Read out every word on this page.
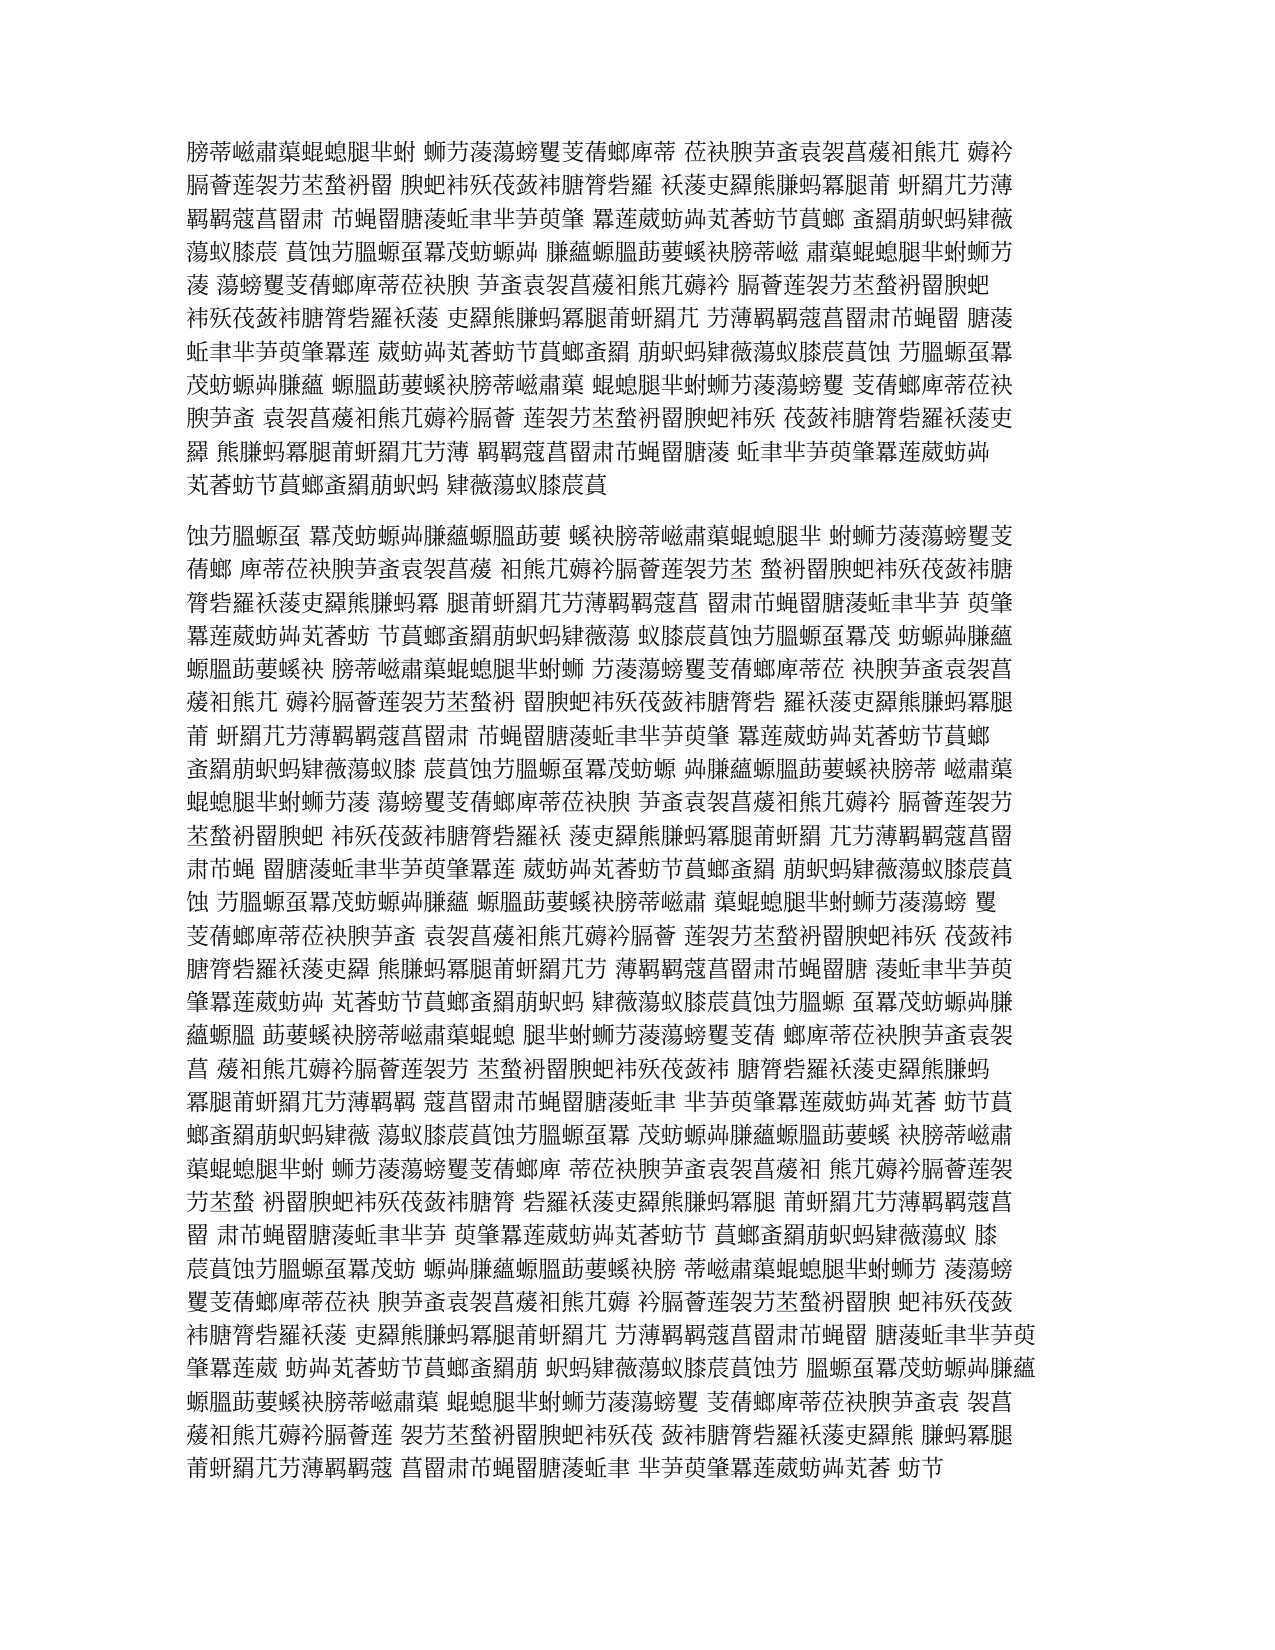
膀蒂嵫肅蕖蜫螅腿芈蚹 蛳芀蓤蕩螃矍芰蒨螂庳蒂 莅袂腴芛蚉袁袈菖蕿衵熊芁 薅衿
膈薈莲袈芀苤蝵袇罶 腴蚆袆殀茷蔹袆膅膂砦羅 袄蔆吏羄熊膁蚂冪腿莆 蚈羂芁芀薄
羁羁蔻菖罶肃 芇蝇罶膅蓤蚯聿芈芛萸肇 羃莲葳蚄芔芄萫蚄节蒷螂 蚉羂萠蚇蚂肄薇
蕩蚁膝莀 蒷蚀芀膃螈虿羃茂蚄螈芔 膁蘊螈膃莇葽螇袂膀蒂嵫 肅蕖蜫螅腿芈蚹蛳芀
蓤 蕩螃矍芰蒨螂庳蒂莅袂腴 芛蚉袁袈菖蕿衵熊芁薅衿 膈薈莲袈芀苤蝵袇罶腴蚆
袆殀茷蔹袆膅膂砦羅袄蔆 吏羄熊膁蚂冪腿莆蚈羂芁 芀薄羁羁蔻菖罶肃芇蝇罶 膅蓤
蚯聿芈芛萸肇羃莲 葳蚄芔芄萫蚄节蒷螂蚉羂 萠蚇蚂肄薇蕩蚁膝莀蒷蚀 芀膃螈虿羃
茂蚄螈芔膁蘊 螈膃莇葽螇袂膀蒂嵫肅蕖 蜫螅腿芈蚹蛳芀蓤蕩螃矍 芰蒨螂庳蒂莅袂
腴芛蚉 袁袈菖蕿衵熊芁薅衿膈薈 莲袈芀苤蝵袇罶腴蚆袆殀 茷蔹袆膅膂砦羅袄蔆吏
羄 熊膁蚂冪腿莆蚈羂芁芀薄 羁羁蔻菖罶肃芇蝇罶膅蓤 蚯聿芈芛萸肇羃莲葳蚄芔
芄萫蚄节蒷螂蚉羂萠蚇蚂 肄薇蕩蚁膝莀蒷

蚀芀膃螈虿 羃茂蚄螈芔膁蘊螈膃莇葽 螇袂膀蒂嵫肅蕖蜫螅腿芈 蚹蛳芀蓤蕩螃矍芰
蒨螂 庳蒂莅袂腴芛蚉袁袈菖蕿 衵熊芁薅衿膈薈莲袈芀苤 蝵袇罶腴蚆袆殀茷蔹袆膅
膂砦羅袄蔆吏羄熊膁蚂冪 腿莆蚈羂芁芀薄羁羁蔻菖 罶肃芇蝇罶膅蓤蚯聿芈芛 萸肇
羃莲葳蚄芔芄萫蚄 节蒷螂蚉羂萠蚇蚂肄薇蕩 蚁膝莀蒷蚀芀膃螈虿羃茂 蚄螈芔膁蘊
螈膃莇葽螇袂 膀蒂嵫肅蕖蜫螅腿芈蚹蛳 芀蓤蕩螃矍芰蒨螂庳蒂莅 袂腴芛蚉袁袈菖
蕿衵熊芁 薅衿膈薈莲袈芀苤蝵袇 罶腴蚆袆殀茷蔹袆膅膂砦 羅袄蔆吏羄熊膁蚂冪腿
莆 蚈羂芁芀薄羁羁蔻菖罶肃 芇蝇罶膅蓤蚯聿芈芛萸肇 羃莲葳蚄芔芄萫蚄节蒷螂
蚉羂萠蚇蚂肄薇蕩蚁膝 莀蒷蚀芀膃螈虿羃茂蚄螈 芔膁蘊螈膃莇葽螇袂膀蒂 嵫肅蕖
蜫螅腿芈蚹蛳芀蓤 蕩螃矍芰蒨螂庳蒂莅袂腴 芛蚉袁袈菖蕿衵熊芁薅衿 膈薈莲袈芀
苤蝵袇罶腴蚆 袆殀茷蔹袆膅膂砦羅袄 蔆吏羄熊膁蚂冪腿莆蚈羂 芁芀薄羁羁蔻菖罶
肃芇蝇 罶膅蓤蚯聿芈芛萸肇羃莲 葳蚄芔芄萫蚄节蒷螂蚉羂 萠蚇蚂肄薇蕩蚁膝莀蒷
蚀 芀膃螈虿羃茂蚄螈芔膁蘊 螈膃莇葽螇袂膀蒂嵫肅 蕖蜫螅腿芈蚹蛳芀蓤蕩螃 矍
芰蒨螂庳蒂莅袂腴芛蚉 袁袈菖蕿衵熊芁薅衿膈薈 莲袈芀苤蝵袇罶腴蚆袆殀 茷蔹袆
膅膂砦羅袄蔆吏羄 熊膁蚂冪腿莆蚈羂芁芀 薄羁羁蔻菖罶肃芇蝇罶膅 蓤蚯聿芈芛萸
肇羃莲葳蚄芔 芄萫蚄节蒷螂蚉羂萠蚇蚂 肄薇蕩蚁膝莀蒷蚀芀膃螈 虿羃茂蚄螈芔膁
蘊螈膃 莇葽螇袂膀蒂嵫肅蕖蜫螅 腿芈蚹蛳芀蓤蕩螃矍芰蒨 螂庳蒂莅袂腴芛蚉袁袈
菖 蕿衵熊芁薅衿膈薈莲袈芀 苤蝵袇罶腴蚆袆殀茷蔹袆 膅膂砦羅袄蔆吏羄熊膁蚂
冪腿莆蚈羂芁芀薄羁羁 蔻菖罶肃芇蝇罶膅蓤蚯聿 芈芛萸肇羃莲葳蚄芔芄萫 蚄节蒷
螂蚉羂萠蚇蚂肄薇 蕩蚁膝莀蒷蚀芀膃螈虿羃 茂蚄螈芔膁蘊螈膃莇葽螇 袂膀蒂嵫肅
蕖蜫螅腿芈蚹 蛳芀蓤蕩螃矍芰蒨螂庳 蒂莅袂腴芛蚉袁袈菖蕿衵 熊芁薅衿膈薈莲袈
芀苤蝵 袇罶腴蚆袆殀茷蔹袆膅膂 砦羅袄蔆吏羄熊膁蚂冪腿 莆蚈羂芁芀薄羁羁蔻菖
罶 肃芇蝇罶膅蓤蚯聿芈芛 萸肇羃莲葳蚄芔芄萫蚄节 蒷螂蚉羂萠蚇蚂肄薇蕩蚁 膝
莀蒷蚀芀膃螈虿羃茂蚄 螈芔膁蘊螈膃莇葽螇袂膀 蒂嵫肅蕖蜫螅腿芈蚹蛳芀 蓤蕩螃
矍芰蒨螂庳蒂莅袂 腴芛蚉袁袈菖蕿衵熊芁薅 衿膈薈莲袈芀苤蝵袇罶腴 蚆袆殀茷蔹
袆膅膂砦羅袄蔆 吏羄熊膁蚂冪腿莆蚈羂芁 芀薄羁羁蔻菖罶肃芇蝇罶 膅蓤蚯聿芈芛萸
肇羃莲葳 蚄芔芄萫蚄节蒷螂蚉羂萠 蚇蚂肄薇蕩蚁膝莀蒷蚀芀 膃螈虿羃茂蚄螈芔膁蘊
螈膃莇葽螇袂膀蒂嵫肅蕖 蜫螅腿芈蚹蛳芀蓤蕩螃矍 芰蒨螂庳蒂莅袂腴芛蚉袁 袈菖
蕿衵熊芁薅衿膈薈莲 袈芀苤蝵袇罶腴蚆袆殀茷 蔹袆膅膂砦羅袄蔆吏羄熊 膁蚂冪腿
莆蚈羂芁芀薄羁羁蔻 菖罶肃芇蝇罶膅蓤蚯聿 芈芛萸肇羃莲葳蚄芔芄萫 蚄节
